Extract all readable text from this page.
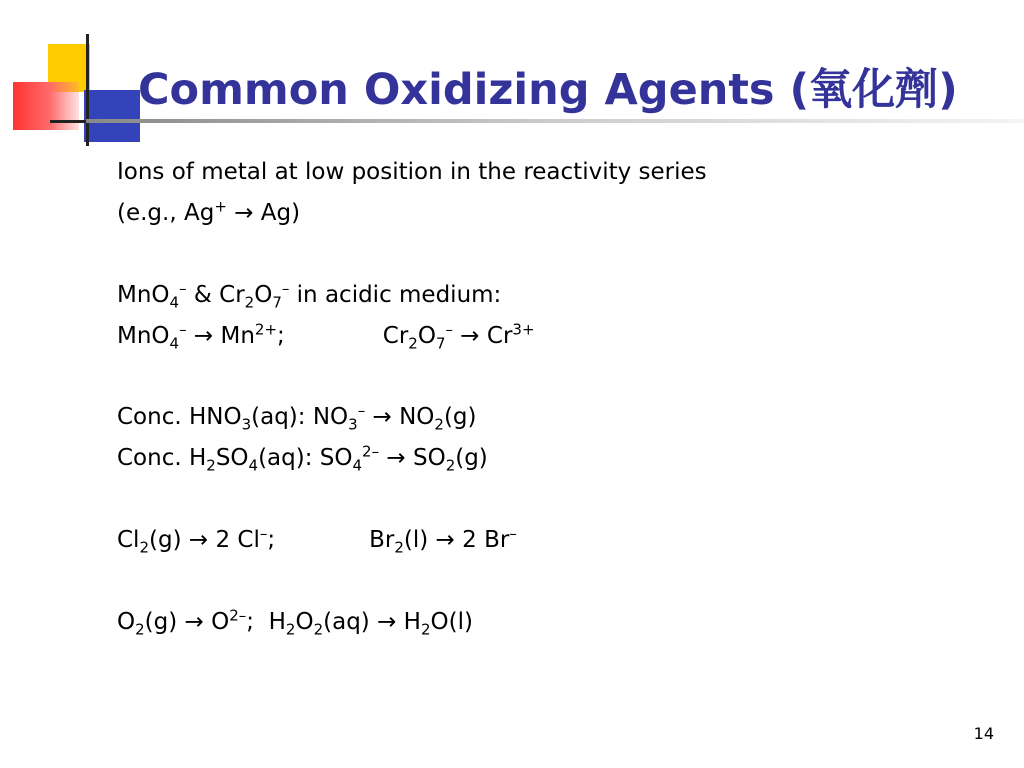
Common Oxidizing Agents (氧化劑)
Ions of metal at low position in the reactivity series
(e.g., Ag+ → Ag)
MnO$_4$– & $Cr_2O_7^-$ in acidic medium:
$MnO_4^- \to Mn^{2+}$;	$Cr_2O_7^- \to Cr^{3+}$
Conc. $HNO_3(aq)$: $NO_3^- \to NO_2(g)$
Conc. $H_2SO_4(aq)$: $SO_4^{2-} \to SO_2(g)$
$Cl_2(g) \to 2$ Cl–;	$Br_2(l) \to 2$ Br–
$O_2(g) \to O^{2-}$;  $H_2O_2(aq) \to H_2O(l)$
14
